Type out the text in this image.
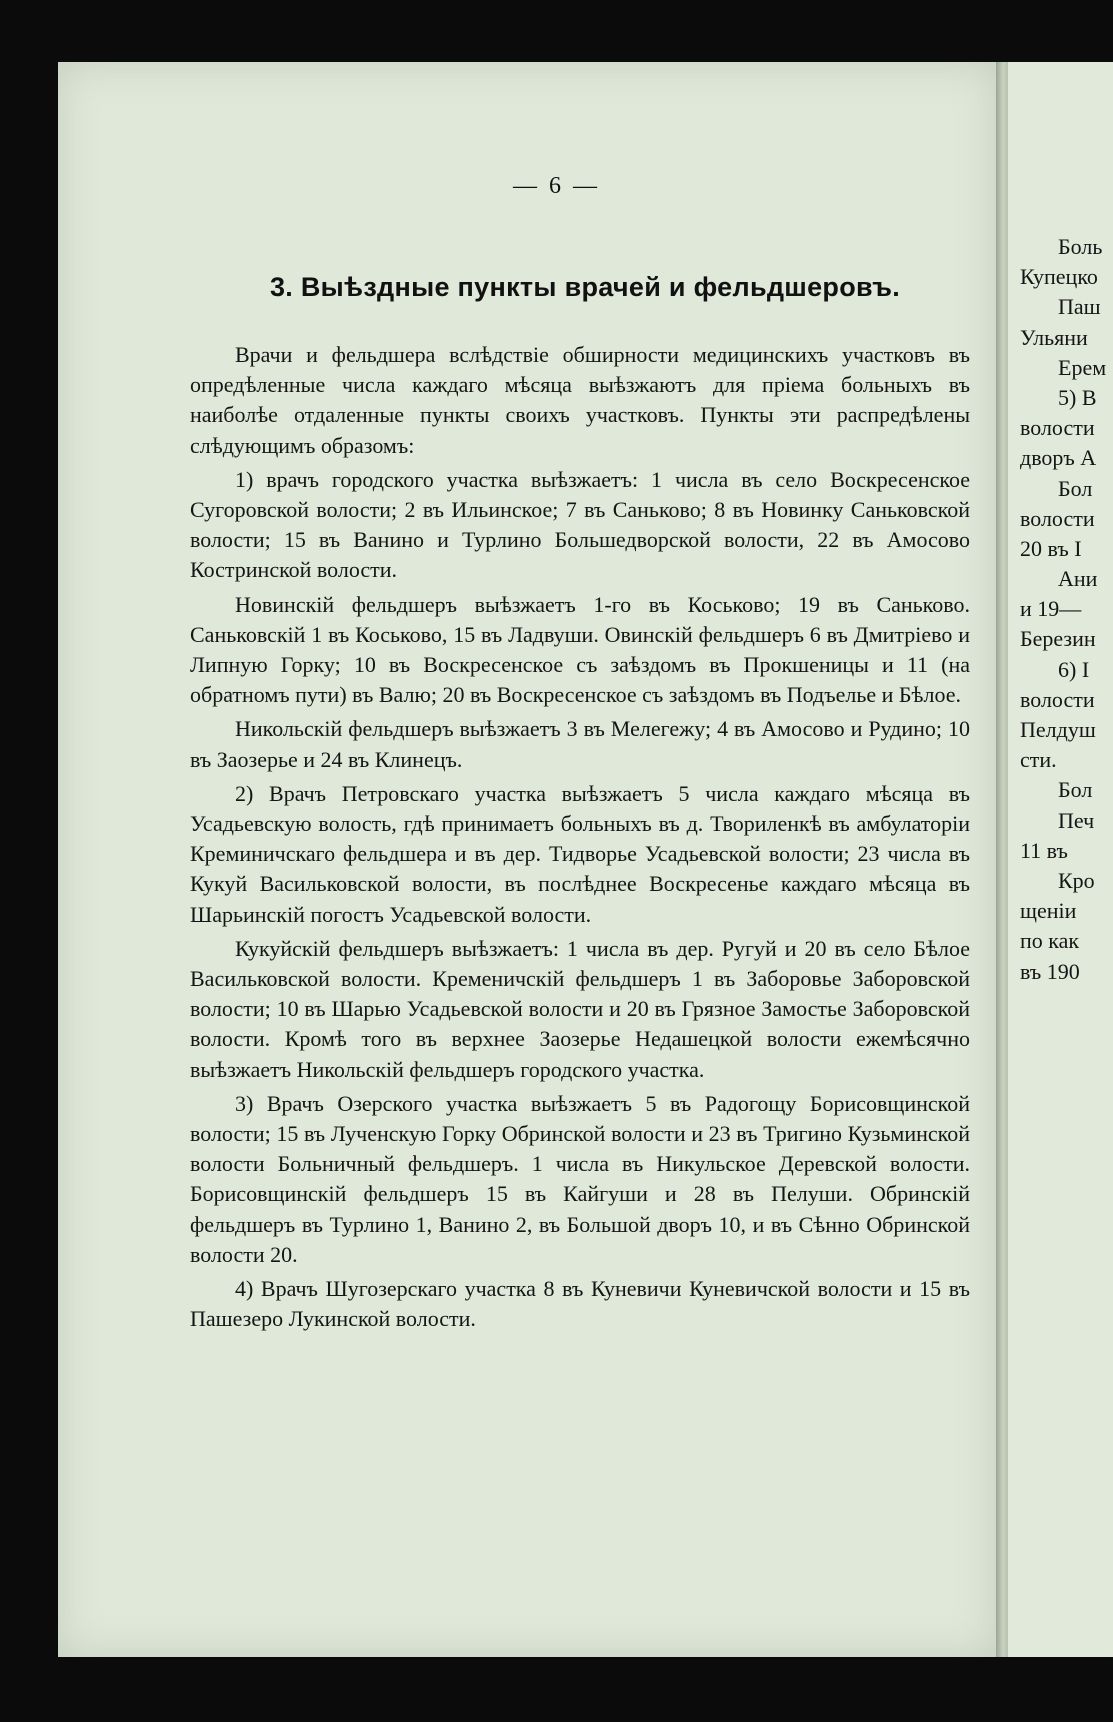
— 6 —
3. Выѣздные пункты врачей и фельдшеровъ.

Врачи и фельдшера вслѣдствіе обширности медицинскихъ участковъ въ опредѣленные числа каждаго мѣсяца выѣзжаютъ для пріема больныхъ въ наиболѣе отдаленные пункты своихъ участковъ. Пункты эти распредѣлены слѣдующимъ образомъ:

1) врачъ городского участка выѣзжаетъ: 1 числа въ село Воскресенское Сугоровской волости; 2 въ Ильинское; 7 въ Саньково; 8 въ Новинку Саньковской волости; 15 въ Ванино и Турлино Большедворской волости, 22 въ Амосово Костринской волости.

Новинскій фельдшеръ выѣзжаетъ 1-го въ Коськово; 19 въ Саньково. Саньковскій 1 въ Коськово, 15 въ Ладвуши. Овинскій фельдшеръ 6 въ Дмитріево и Липную Горку; 10 въ Воскресенское съ заѣздомъ въ Прокшеницы и 11 (на обратномъ пути) въ Валю; 20 въ Воскресенское съ заѣздомъ въ Подъелье и Бѣлое.

Никольскій фельдшеръ выѣзжаетъ 3 въ Мелегежу; 4 въ Амосово и Рудино; 10 въ Заозерье и 24 въ Клинецъ.

2) Врачъ Петровскаго участка выѣзжаетъ 5 числа каждаго мѣсяца въ Усадьевскую волость, гдѣ принимаетъ больныхъ въ д. Твориленкѣ въ амбулаторіи Креминичскаго фельдшера и въ дер. Тидворье Усадьевской волости; 23 числа въ Кукуй Васильковской волости, въ послѣднее Воскресенье каждаго мѣсяца въ Шарьинскій погостъ Усадьевской волости.

Кукуйскій фельдшеръ выѣзжаетъ: 1 числа въ дер. Ругуй и 20 въ село Бѣлое Васильковской волости. Кременичскій фельдшеръ 1 въ Заборовье Заборовской волости; 10 въ Шарью Усадьевской волости и 20 въ Грязное Замостье Заборовской волости. Кромѣ того въ верхнее Заозерье Недашецкой волости ежемѣсячно выѣзжаетъ Никольскій фельдшеръ городского участка.

3) Врачъ Озерского участка выѣзжаетъ 5 въ Радогощу Борисовщинской волости; 15 въ Лученскую Горку Обринской волости и 23 въ Тригино Кузьминской волости Больничный фельдшеръ. 1 числа въ Никульское Деревской волости. Борисовщинскій фельдшеръ 15 въ Кайгуши и 28 въ Пелуши. Обринскій фельдшеръ въ Турлино 1, Ванино 2, въ Большой дворъ 10, и въ Сѣнно Обринской волости 20.

4) Врачъ Шугозерскаго участка 8 въ Куневичи Куневичской волости и 15 въ Пашезеро Лукинской волости.

Боль
Купецко
Паш
Ульяни
Ерем
5) В
волости
дворъ А
Бол
волости
20 въ І
Ани
и 19—
Березин
6) І
волости
Пелдуш
сти.
Бол
Печ
11 въ
Кро
щеніи
по как
въ 190
